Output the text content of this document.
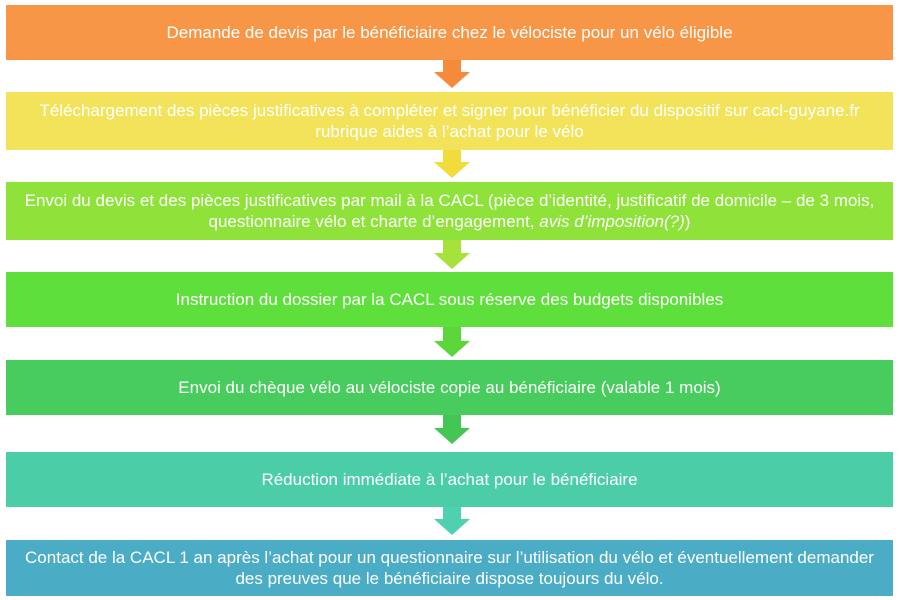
Demande de devis par le bénéficiaire chez le vélociste pour un vélo éligible
Téléchargement des pièces justificatives à compléter et signer pour bénéficier du dispositif sur cacl-guyane.fr rubrique aides à l’achat pour le vélo
Envoi du devis et des pièces justificatives par mail à la CACL (pièce d’identité, justificatif de domicile – de 3 mois, questionnaire vélo et charte d’engagement, avis d’imposition(?))
Instruction du dossier par la CACL sous réserve des budgets disponibles
Envoi du chèque vélo au vélociste copie au bénéficiaire (valable 1 mois)
Réduction immédiate à l’achat pour le bénéficiaire
Contact de la CACL 1 an après l’achat pour un questionnaire sur l’utilisation du vélo et éventuellement demander des preuves que le bénéficiaire dispose toujours du vélo.
